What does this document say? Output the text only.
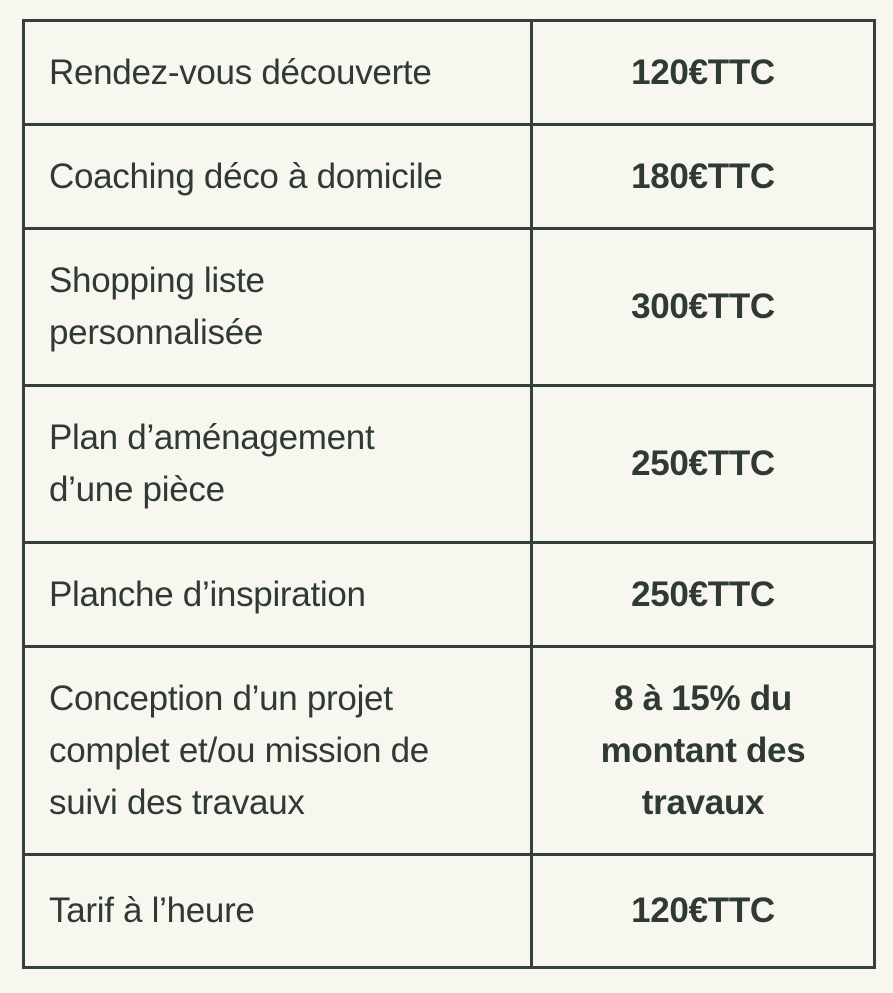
Rendez-vous découverte	120€TTC

Coaching déco à domicile	180€TTC

Shopping liste
personnalisée	300€TTC

Plan d’aménagement
d’une pièce	250€TTC

Planche d’inspiration	250€TTC

Conception d’un projet
complet et/ou mission de
suivi des travaux	8 à 15% du
montant des
travaux

Tarif à l’heure	120€TTC
